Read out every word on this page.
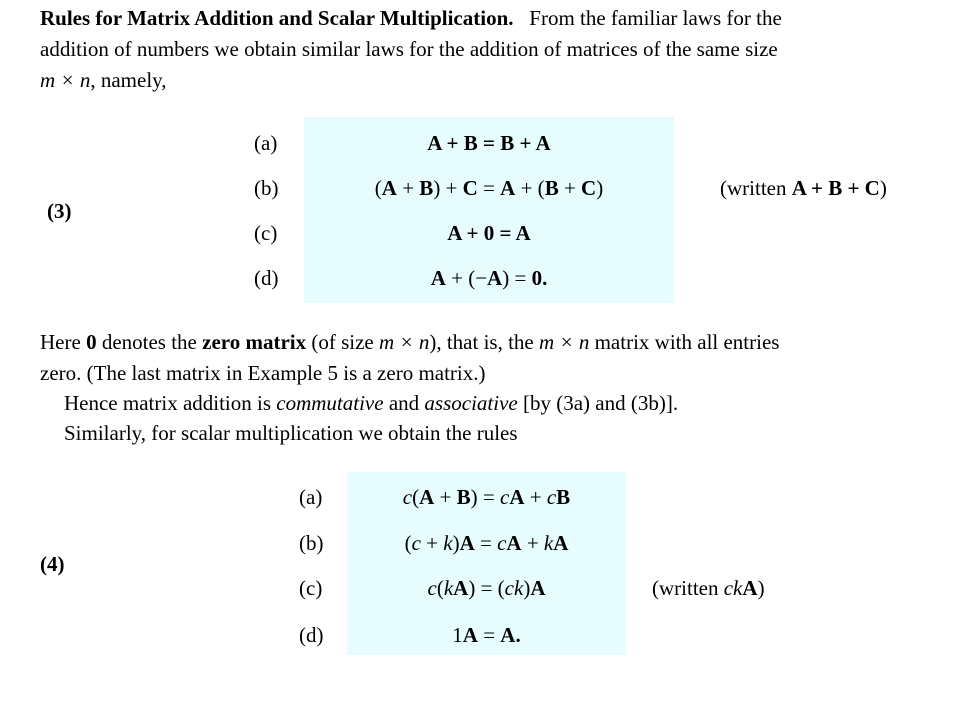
Rules for Matrix Addition and Scalar Multiplication. From the familiar laws for the
addition of numbers we obtain similar laws for the addition of matrices of the same size
m × n, namely,
(3)
(a)	A + B = B + A
(b)	(A + B) + C = A + (B + C)	(written A + B + C)
(c)	A + 0 = A
(d)	A + (−A) = 0.
Here 0 denotes the zero matrix (of size m × n), that is, the m × n matrix with all entries
zero. (The last matrix in Example 5 is a zero matrix.)
Hence matrix addition is commutative and associative [by (3a) and (3b)].
Similarly, for scalar multiplication we obtain the rules
(4)
(a)	c(A + B) = cA + cB
(b)	(c + k)A = cA + kA
(c)	c(kA) = (ck)A	(written ckA)
(d)	1A = A.
